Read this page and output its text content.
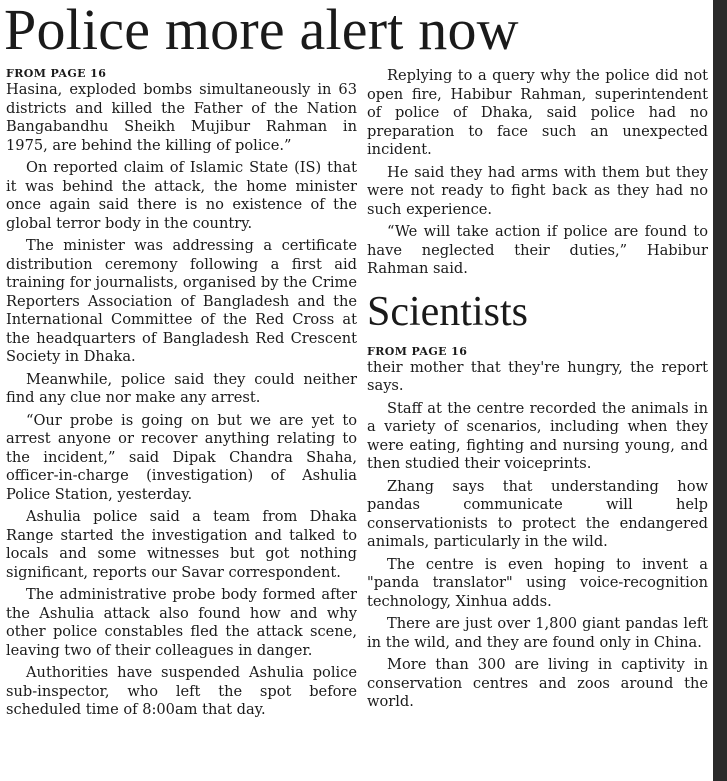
Police more alert now
FROM PAGE 16

Hasina, exploded bombs simultaneously in 63 districts and killed the Father of the Nation Bangabandhu Sheikh Mujibur Rahman in 1975, are behind the killing of police.”

On reported claim of Islamic State (IS) that it was behind the attack, the home minister once again said there is no existence of the global terror body in the country.

The minister was addressing a certificate distribution ceremony following a first aid training for journalists, organised by the Crime Reporters Association of Bangladesh and the International Committee of the Red Cross at the headquarters of Bangladesh Red Crescent Society in Dhaka.

Meanwhile, police said they could neither find any clue nor make any arrest.

“Our probe is going on but we are yet to arrest anyone or recover anything relating to the incident,” said Dipak Chandra Shaha, officer-in-charge (investigation) of Ashulia Police Station, yesterday.

Ashulia police said a team from Dhaka Range started the investigation and talked to locals and some witnesses but got nothing significant, reports our Savar correspondent.

The administrative probe body formed after the Ashulia attack also found how and why other police constables fled the attack scene, leaving two of their colleagues in danger.

Authorities have suspended Ashulia police sub-inspector, who left the spot before scheduled time of 8:00am that day.

Replying to a query why the police did not open fire, Habibur Rahman, superintendent of police of Dhaka, said police had no preparation to face such an unexpected incident.

He said they had arms with them but they were not ready to fight back as they had no such experience.

“We will take action if police are found to have neglected their duties,” Habibur Rahman said.

Scientists
FROM PAGE 16

their mother that they're hungry, the report says.

Staff at the centre recorded the animals in a variety of scenarios, including when they were eating, fighting and nursing young, and then studied their voiceprints.

Zhang says that understanding how pandas communicate will help conservationists to protect the endangered animals, particularly in the wild.

The centre is even hoping to invent a "panda translator" using voice-recognition technology, Xinhua adds.

There are just over 1,800 giant pandas left in the wild, and they are found only in China.

More than 300 are living in captivity in conservation centres and zoos around the world.
